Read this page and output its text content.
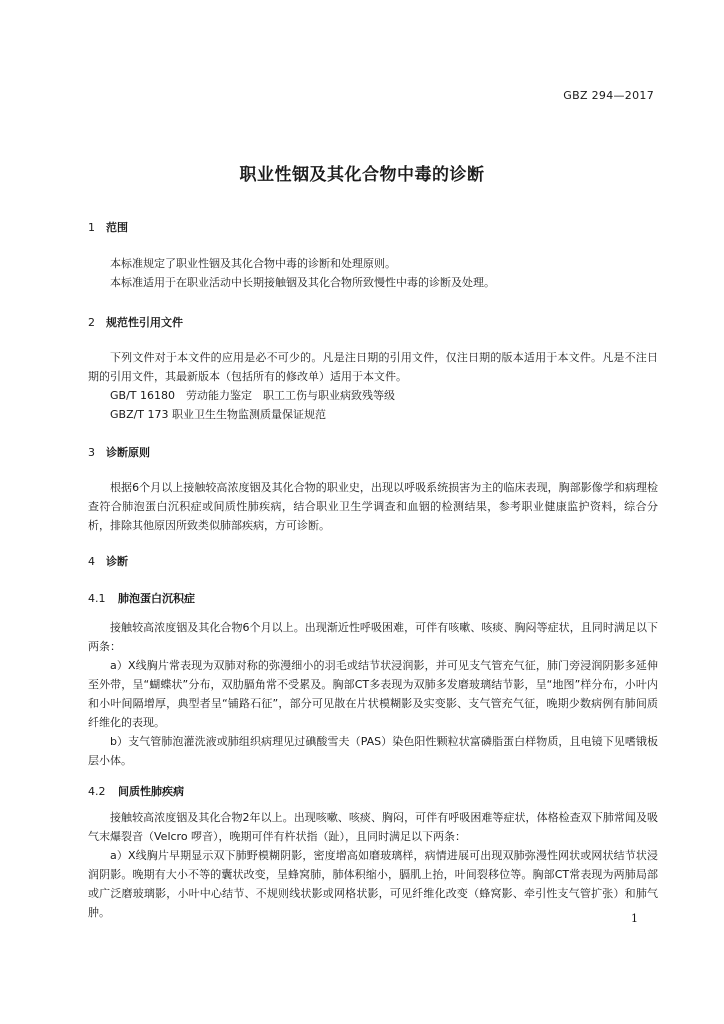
GBZ 294—2017
职业性铟及其化合物中毒的诊断
1 范围

本标准规定了职业性铟及其化合物中毒的诊断和处理原则。

本标准适用于在职业活动中长期接触铟及其化合物所致慢性中毒的诊断及处理。

2 规范性引用文件

下列文件对于本文件的应用是必不可少的。凡是注日期的引用文件，仅注日期的版本适用于本文件。凡是不注日期的引用文件，其最新版本（包括所有的修改单）适用于本文件。

GB/T 16180　劳动能力鉴定　职工工伤与职业病致残等级

GBZ/T 173 职业卫生生物监测质量保证规范

3 诊断原则

根据6个月以上接触较高浓度铟及其化合物的职业史，出现以呼吸系统损害为主的临床表现，胸部影像学和病理检查符合肺泡蛋白沉积症或间质性肺疾病，结合职业卫生学调查和血铟的检测结果，参考职业健康监护资料，综合分析，排除其他原因所致类似肺部疾病，方可诊断。

4 诊断
4.1 肺泡蛋白沉积症

接触较高浓度铟及其化合物6个月以上。出现渐近性呼吸困难，可伴有咳嗽、咳痰、胸闷等症状，且同时满足以下两条：

a）X线胸片常表现为双肺对称的弥漫细小的羽毛或结节状浸润影，并可见支气管充气征，肺门旁浸润阴影多延伸至外带，呈“蝴蝶状”分布，双肋膈角常不受累及。胸部CT多表现为双肺多发磨玻璃结节影，呈“地图”样分布，小叶内和小叶间隔增厚，典型者呈“铺路石征”，部分可见散在片状模糊影及实变影、支气管充气征，晚期少数病例有肺间质纤维化的表现。

b）支气管肺泡灌洗液或肺组织病理见过碘酸雪夫（PAS）染色阳性颗粒状富磷脂蛋白样物质，且电镜下见嗜锇板层小体。

4.2 间质性肺疾病

接触较高浓度铟及其化合物2年以上。出现咳嗽、咳痰、胸闷，可伴有呼吸困难等症状，体格检查双下肺常闻及吸气末爆裂音（Velcro 啰音），晚期可伴有杵状指（趾），且同时满足以下两条：

a）X线胸片早期显示双下肺野模糊阴影，密度增高如磨玻璃样，病情进展可出现双肺弥漫性网状或网状结节状浸润阴影。晚期有大小不等的囊状改变，呈蜂窝肺，肺体积缩小，膈肌上抬，叶间裂移位等。胸部CT常表现为两肺局部或广泛磨玻璃影，小叶中心结节、不规则线状影或网格状影，可见纤维化改变（蜂窝影、牵引性支气管扩张）和肺气肿。	1
